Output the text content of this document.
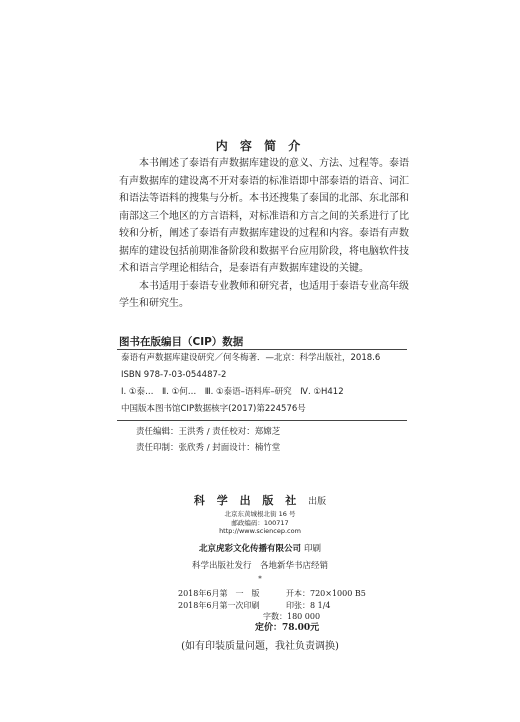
内 容 简 介

本书阐述了泰语有声数据库建设的意义、方法、过程等。泰语有声数据库的建设离不开对泰语的标准语即中部泰语的语音、词汇和语法等语料的搜集与分析。本书还搜集了泰国的北部、东北部和南部这三个地区的方言语料，对标准语和方言之间的关系进行了比较和分析，阐述了泰语有声数据库建设的过程和内容。泰语有声数据库的建设包括前期准备阶段和数据平台应用阶段，将电脑软件技术和语言学理论相结合，是泰语有声数据库建设的关键。

本书适用于泰语专业教师和研究者，也适用于泰语专业高年级学生和研究生。

图书在版编目（CIP）数据
泰语有声数据库建设研究／何冬梅著．—北京：科学出版社，2018.6
ISBN 978-7-03-054487-2
Ⅰ. ①泰…　Ⅱ. ①何…　Ⅲ. ①泰语–语料库–研究　Ⅳ. ①H412
中国版本图书馆CIP数据核字(2017)第224576号
责任编辑：王洪秀 / 责任校对：郑嫦芝
责任印制：张欣秀 / 封面设计：楠竹堂
科 学 出 版 社 出版
北京东黄城根北街 16 号
邮政编码：100717
http://www.sciencep.com
北京虎彩文化传播有限公司 印刷
科学出版社发行　各地新华书店经销
*
2018年6月第　一　版	开本：720×1000 B5
2018年6月第一次印刷	印张：8 1/4
字数：180 000
定价：78.00元
(如有印装质量问题，我社负责调换)
